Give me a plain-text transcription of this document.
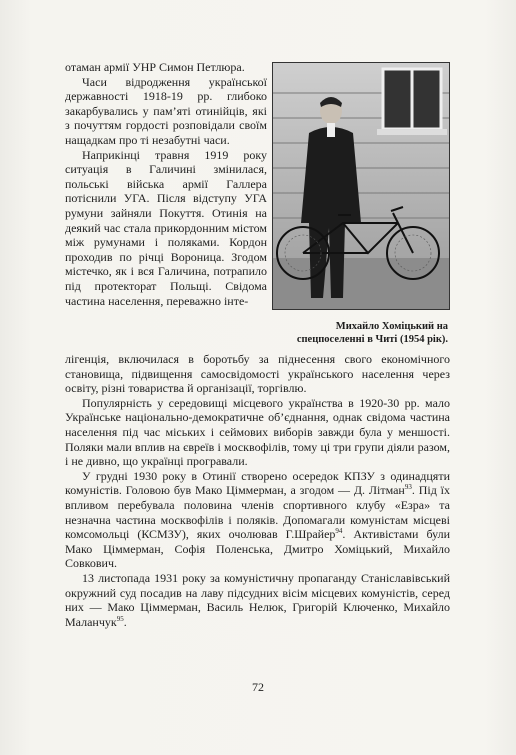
отаман армії УНР Симон Петлюра.

Часи відродження української державності 1918-19 рр. глибоко закарбувались у пам’яті отинійців, які з почуттям гордості розповідали своїм нащадкам про ті незабутні часи.

Наприкінці травня 1919 року ситуація в Галичині змінилася, польські війська армії Галлера потіснили УГА. Після відступу УГА румуни зайняли Покуття. Отинія на деякий час стала прикордонним містом між румунами і поляками. Кордон проходив по річці Вороница. Згодом містечко, як і вся Галичина, потрапило під протекторат Польщі. Свідома частина населення, переважно інте-

Михайло Хоміцький на спецпоселенні в Читі (1954 рік).

лігенція, включилася в боротьбу за піднесення свого економічного становища, підвищення самосвідомості українського населення через освіту, різні товариства й організації, торгівлю.

Популярність у середовищі місцевого українства в 1920-30 рр. мало Українське національно-демократичне об’єднання, однак свідома частина населення під час міських і сеймових виборів завжди була у меншості. Поляки мали вплив на євреїв і москвофілів, тому ці три групи діяли разом, і не дивно, що українці програвали.

У грудні 1930 року в Отинії створено осередок КПЗУ з одинадцяти комуністів. Головою був Мако Ціммерман, а згодом — Д. Літман$^{93}$. Під їх впливом перебувала половина членів спортивного клубу «Езра» та незначна частина москвофілів і поляків. Допомагали комуністам місцеві комсомольці (КСМЗУ), яких очолював Г.Шрайер$^{94}$. Активістами були Мако Ціммерман, Софія Поленська, Дмитро Хоміцький, Михайло Совкович.

13 листопада 1931 року за комуністичну пропаганду Станіславівський окружний суд посадив на лаву підсудних вісім місцевих комуністів, серед них — Мако Ціммерман, Василь Нелюк, Григорій Ключенко, Михайло Маланчук$^{95}$.

72
